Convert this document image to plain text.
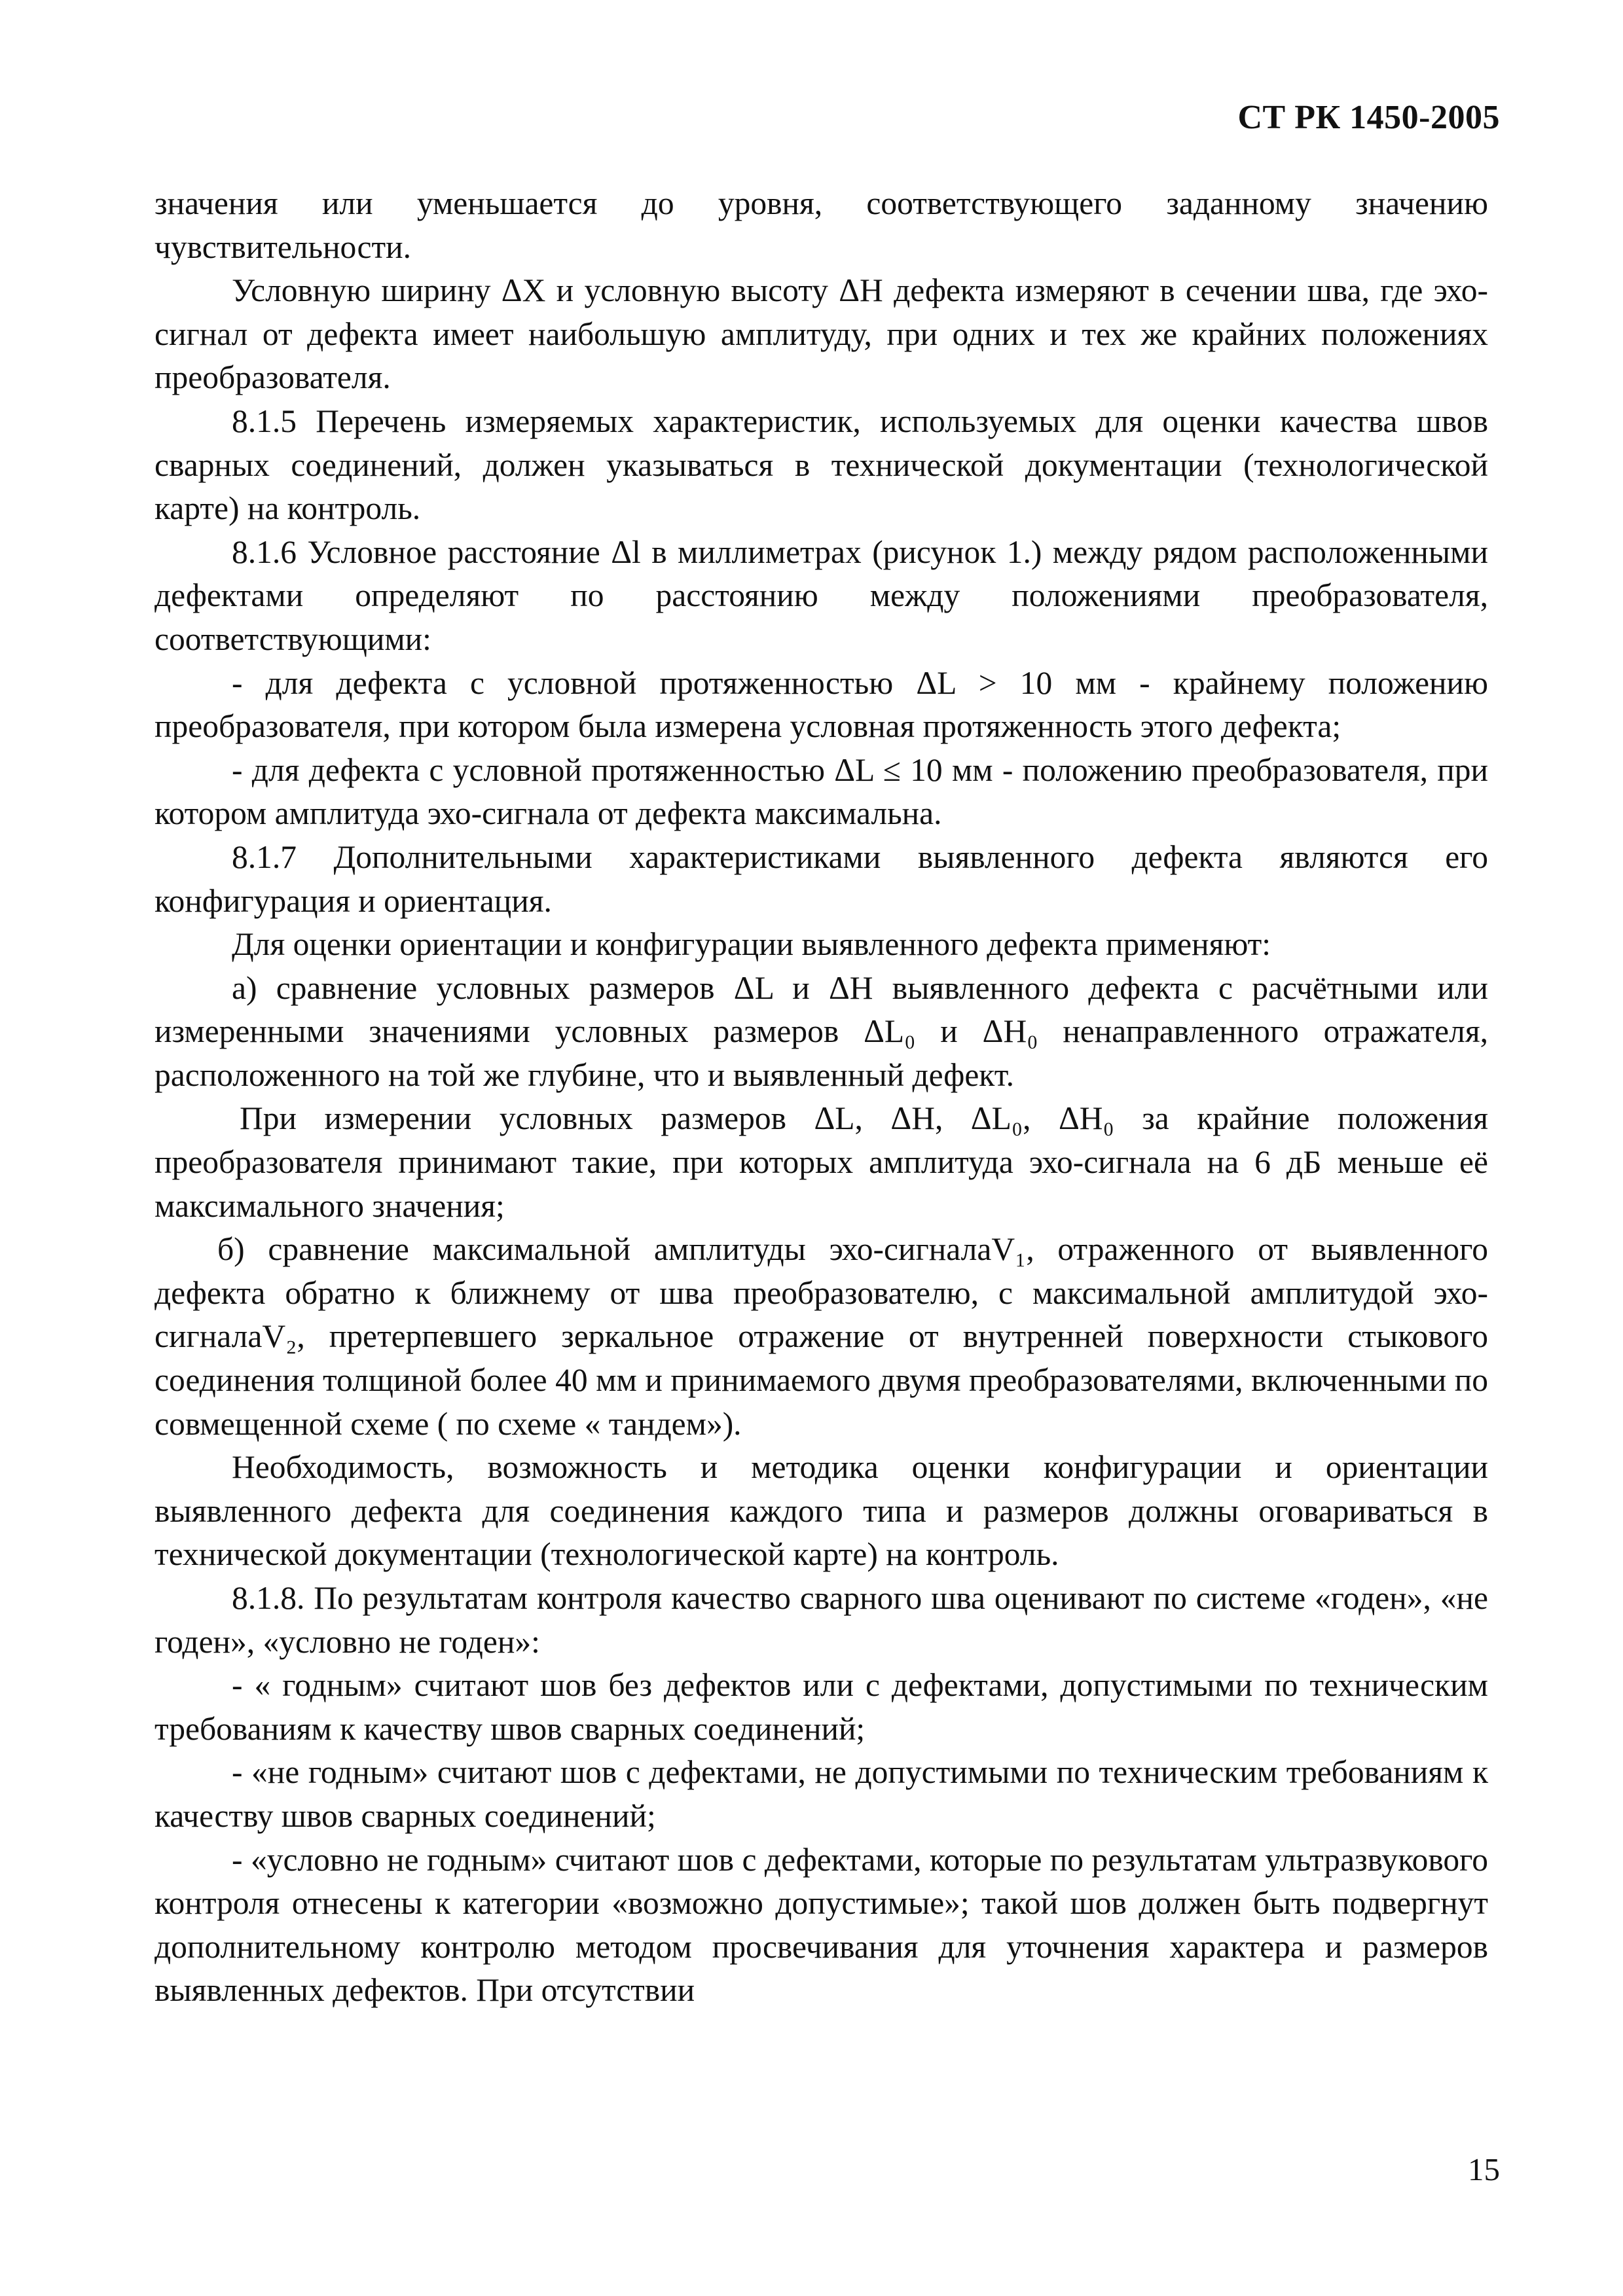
СТ РК 1450-2005

значения или уменьшается до уровня, соответствующего заданному значению чувствительности.

Условную ширину ΔX и условную высоту ΔH дефекта измеряют в сечении шва, где эхо-сигнал от дефекта имеет наибольшую амплитуду, при одних и тех же крайних положениях преобразователя.

8.1.5 Перечень измеряемых характеристик, используемых для оценки качества швов сварных соединений, должен указываться в технической документации (технологической карте) на контроль.

8.1.6 Условное расстояние Δl в миллиметрах (рисунок 1.) между рядом расположенными дефектами определяют по расстоянию между положениями преобразователя, соответствующими:

- для дефекта с условной протяженностью ΔL > 10 мм - крайнему положению преобразователя, при котором была измерена условная протяженность этого дефекта;

- для дефекта с условной протяженностью ΔL ≤ 10 мм - положению преобразователя, при котором амплитуда эхо-сигнала от дефекта максимальна.

8.1.7 Дополнительными характеристиками выявленного дефекта являются его конфигурация и ориентация.

Для оценки ориентации и конфигурации выявленного дефекта применяют:

а) сравнение условных размеров ΔL и ΔH выявленного дефекта с расчётными или измеренными значениями условных размеров ΔL₀ и ΔH₀ ненаправленного отражателя, расположенного на той же глубине, что и выявленный дефект.

При измерении условных размеров ΔL, ΔH, ΔL₀, ΔH₀ за крайние положения преобразователя принимают такие, при которых амплитуда эхо-сигнала на 6 дБ меньше её максимального значения;

б) сравнение максимальной амплитуды эхо-сигналаV₁, отраженного от выявленного дефекта обратно к ближнему от шва преобразователю, с максимальной амплитудой эхо-сигналаV₂, претерпевшего зеркальное отражение от внутренней поверхности стыкового соединения толщиной более 40 мм и принимаемого двумя преобразователями, включенными по совмещенной схеме ( по схеме « тандем»).

Необходимость, возможность и методика оценки конфигурации и ориентации выявленного дефекта для соединения каждого типа и размеров должны оговариваться в технической документации (технологической карте) на контроль.

8.1.8. По результатам контроля качество сварного шва оценивают по системе «годен», «не годен», «условно не годен»:

- « годным» считают шов без дефектов или с дефектами, допустимыми по техническим требованиям к качеству швов сварных соединений;

- «не годным» считают шов с дефектами, не допустимыми по техническим требованиям к качеству швов сварных соединений;

- «условно не годным» считают шов с дефектами, которые по результатам ультразвукового контроля отнесены к категории «возможно допустимые»; такой шов должен быть подвергнут дополнительному контролю методом просвечивания для уточнения характера и размеров выявленных дефектов. При отсутствии

15
